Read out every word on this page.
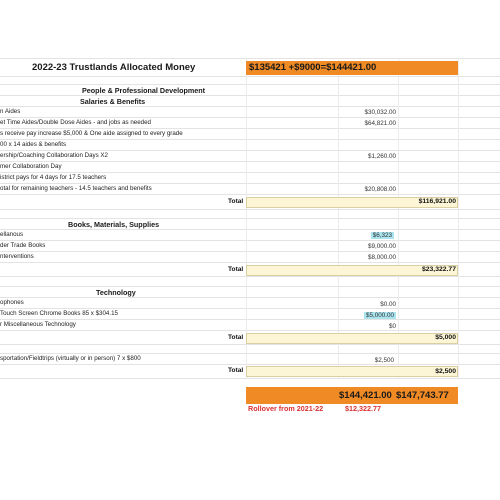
2022-23 Trustlands Allocated Money	$135421 +$9000=$144421.00
People & Professional Development
Salaries & Benefits
n Aides	$30,032.00
et Time Aides/Double Dose Aides - and jobs as needed	$64,821.00
s receive pay increase $5,000 & One aide assigned to every grade
00 x 14 aides & benefits
ership/Coaching Collaboration Days X2	$1,260.00
mer Collaboration Day
istrict pays for 4 days for 17.5 teachers
otal for remaining teachers - 14.5 teachers and benefits	$20,808.00
Total	$116,921.00
Books, Materials, Supplies
ellanous	$6,323
der Trade Books	$9,000.00
nterventions	$8,000.00
Total	$23,322.77
Technology
ophones	$0.00
Touch Screen Chrome Books 85 x $304.15	$5,000.00
r Miscellaneous Technology	$0
Total	$5,000
sportation/Fieldtrips (virtually or in person) 7 x $800	$2,500
Total	$2,500
$144,421.00 $147,743.77
Rollover from 2021-22	$12,322.77
